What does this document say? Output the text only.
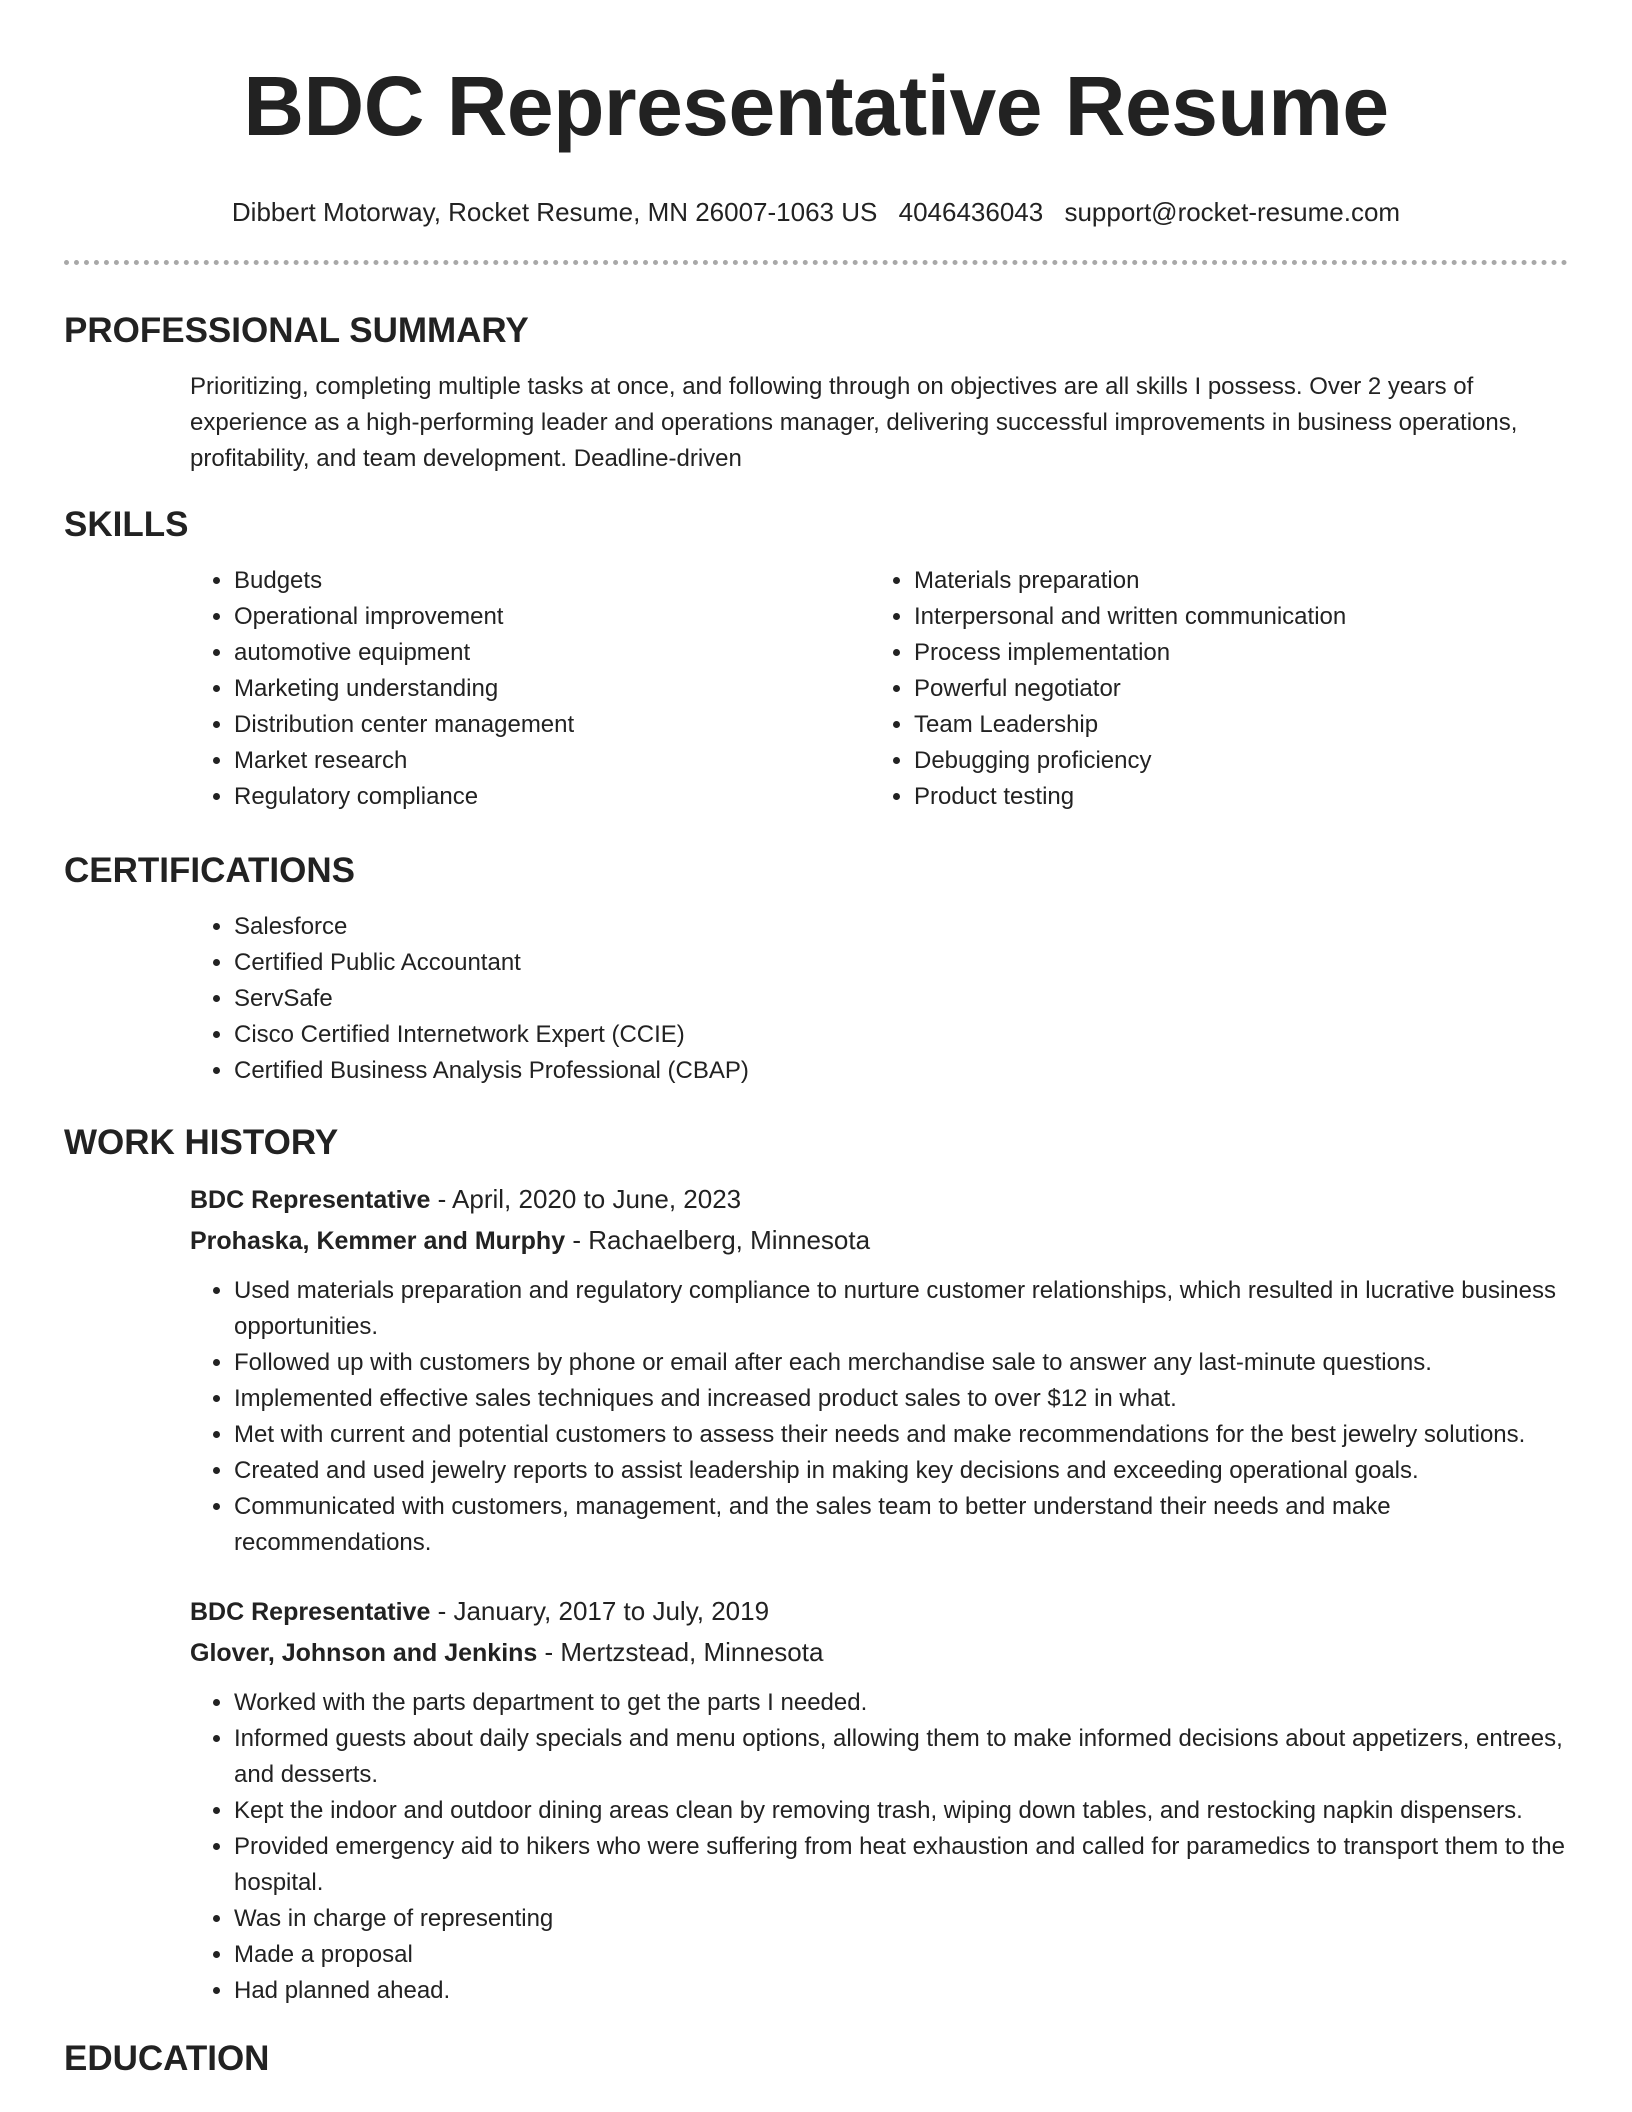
BDC Representative Resume
Dibbert Motorway, Rocket Resume, MN 26007-1063 US 4046436043 support@rocket-resume.com
PROFESSIONAL SUMMARY

Prioritizing, completing multiple tasks at once, and following through on objectives are all skills I possess. Over 2 years of experience as a high-performing leader and operations manager, delivering successful improvements in business operations, profitability, and team development. Deadline-driven

SKILLS
• Budgets
• Operational improvement
• automotive equipment
• Marketing understanding
• Distribution center management
• Market research
• Regulatory compliance
• Materials preparation
• Interpersonal and written communication
• Process implementation
• Powerful negotiator
• Team Leadership
• Debugging proficiency
• Product testing
CERTIFICATIONS
• Salesforce
• Certified Public Accountant
• ServSafe
• Cisco Certified Internetwork Expert (CCIE)
• Certified Business Analysis Professional (CBAP)
WORK HISTORY
BDC Representative - April, 2020 to June, 2023
Prohaska, Kemmer and Murphy - Rachaelberg, Minnesota
• Used materials preparation and regulatory compliance to nurture customer relationships, which resulted in lucrative business opportunities.
• Followed up with customers by phone or email after each merchandise sale to answer any last-minute questions.
• Implemented effective sales techniques and increased product sales to over $12 in what.
• Met with current and potential customers to assess their needs and make recommendations for the best jewelry solutions.
• Created and used jewelry reports to assist leadership in making key decisions and exceeding operational goals.
• Communicated with customers, management, and the sales team to better understand their needs and make recommendations.
BDC Representative - January, 2017 to July, 2019
Glover, Johnson and Jenkins - Mertzstead, Minnesota
• Worked with the parts department to get the parts I needed.
• Informed guests about daily specials and menu options, allowing them to make informed decisions about appetizers, entrees, and desserts.
• Kept the indoor and outdoor dining areas clean by removing trash, wiping down tables, and restocking napkin dispensers.
• Provided emergency aid to hikers who were suffering from heat exhaustion and called for paramedics to transport them to the hospital.
• Was in charge of representing
• Made a proposal
• Had planned ahead.
EDUCATION
